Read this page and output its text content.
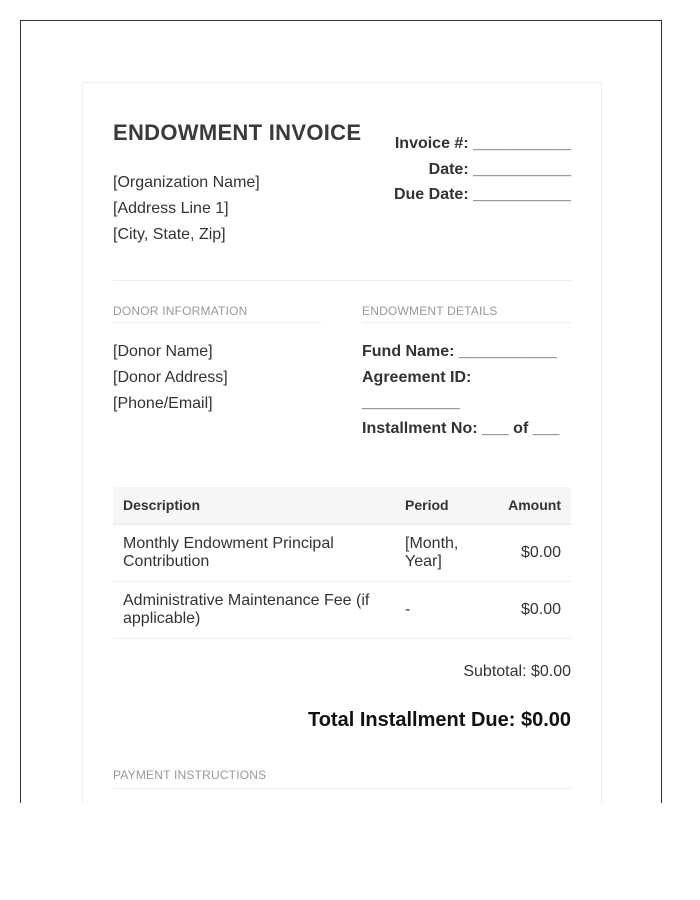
ENDOWMENT INVOICE
[Organization Name]
[Address Line 1]
[City, State, Zip]
Invoice #: ___________
Date: ___________
Due Date: ___________
DONOR INFORMATION	ENDOWMENT DETAILS
[Donor Name]
[Donor Address]
[Phone/Email]
Fund Name: ___________
Agreement ID:
___________
Installment No: ___ of ___
Description	Period	Amount
Monthly Endowment Principal Contribution	[Month, Year]	$0.00
Administrative Maintenance Fee (if applicable)	-	$0.00
Subtotal: $0.00
Total Installment Due: $0.00
PAYMENT INSTRUCTIONS
